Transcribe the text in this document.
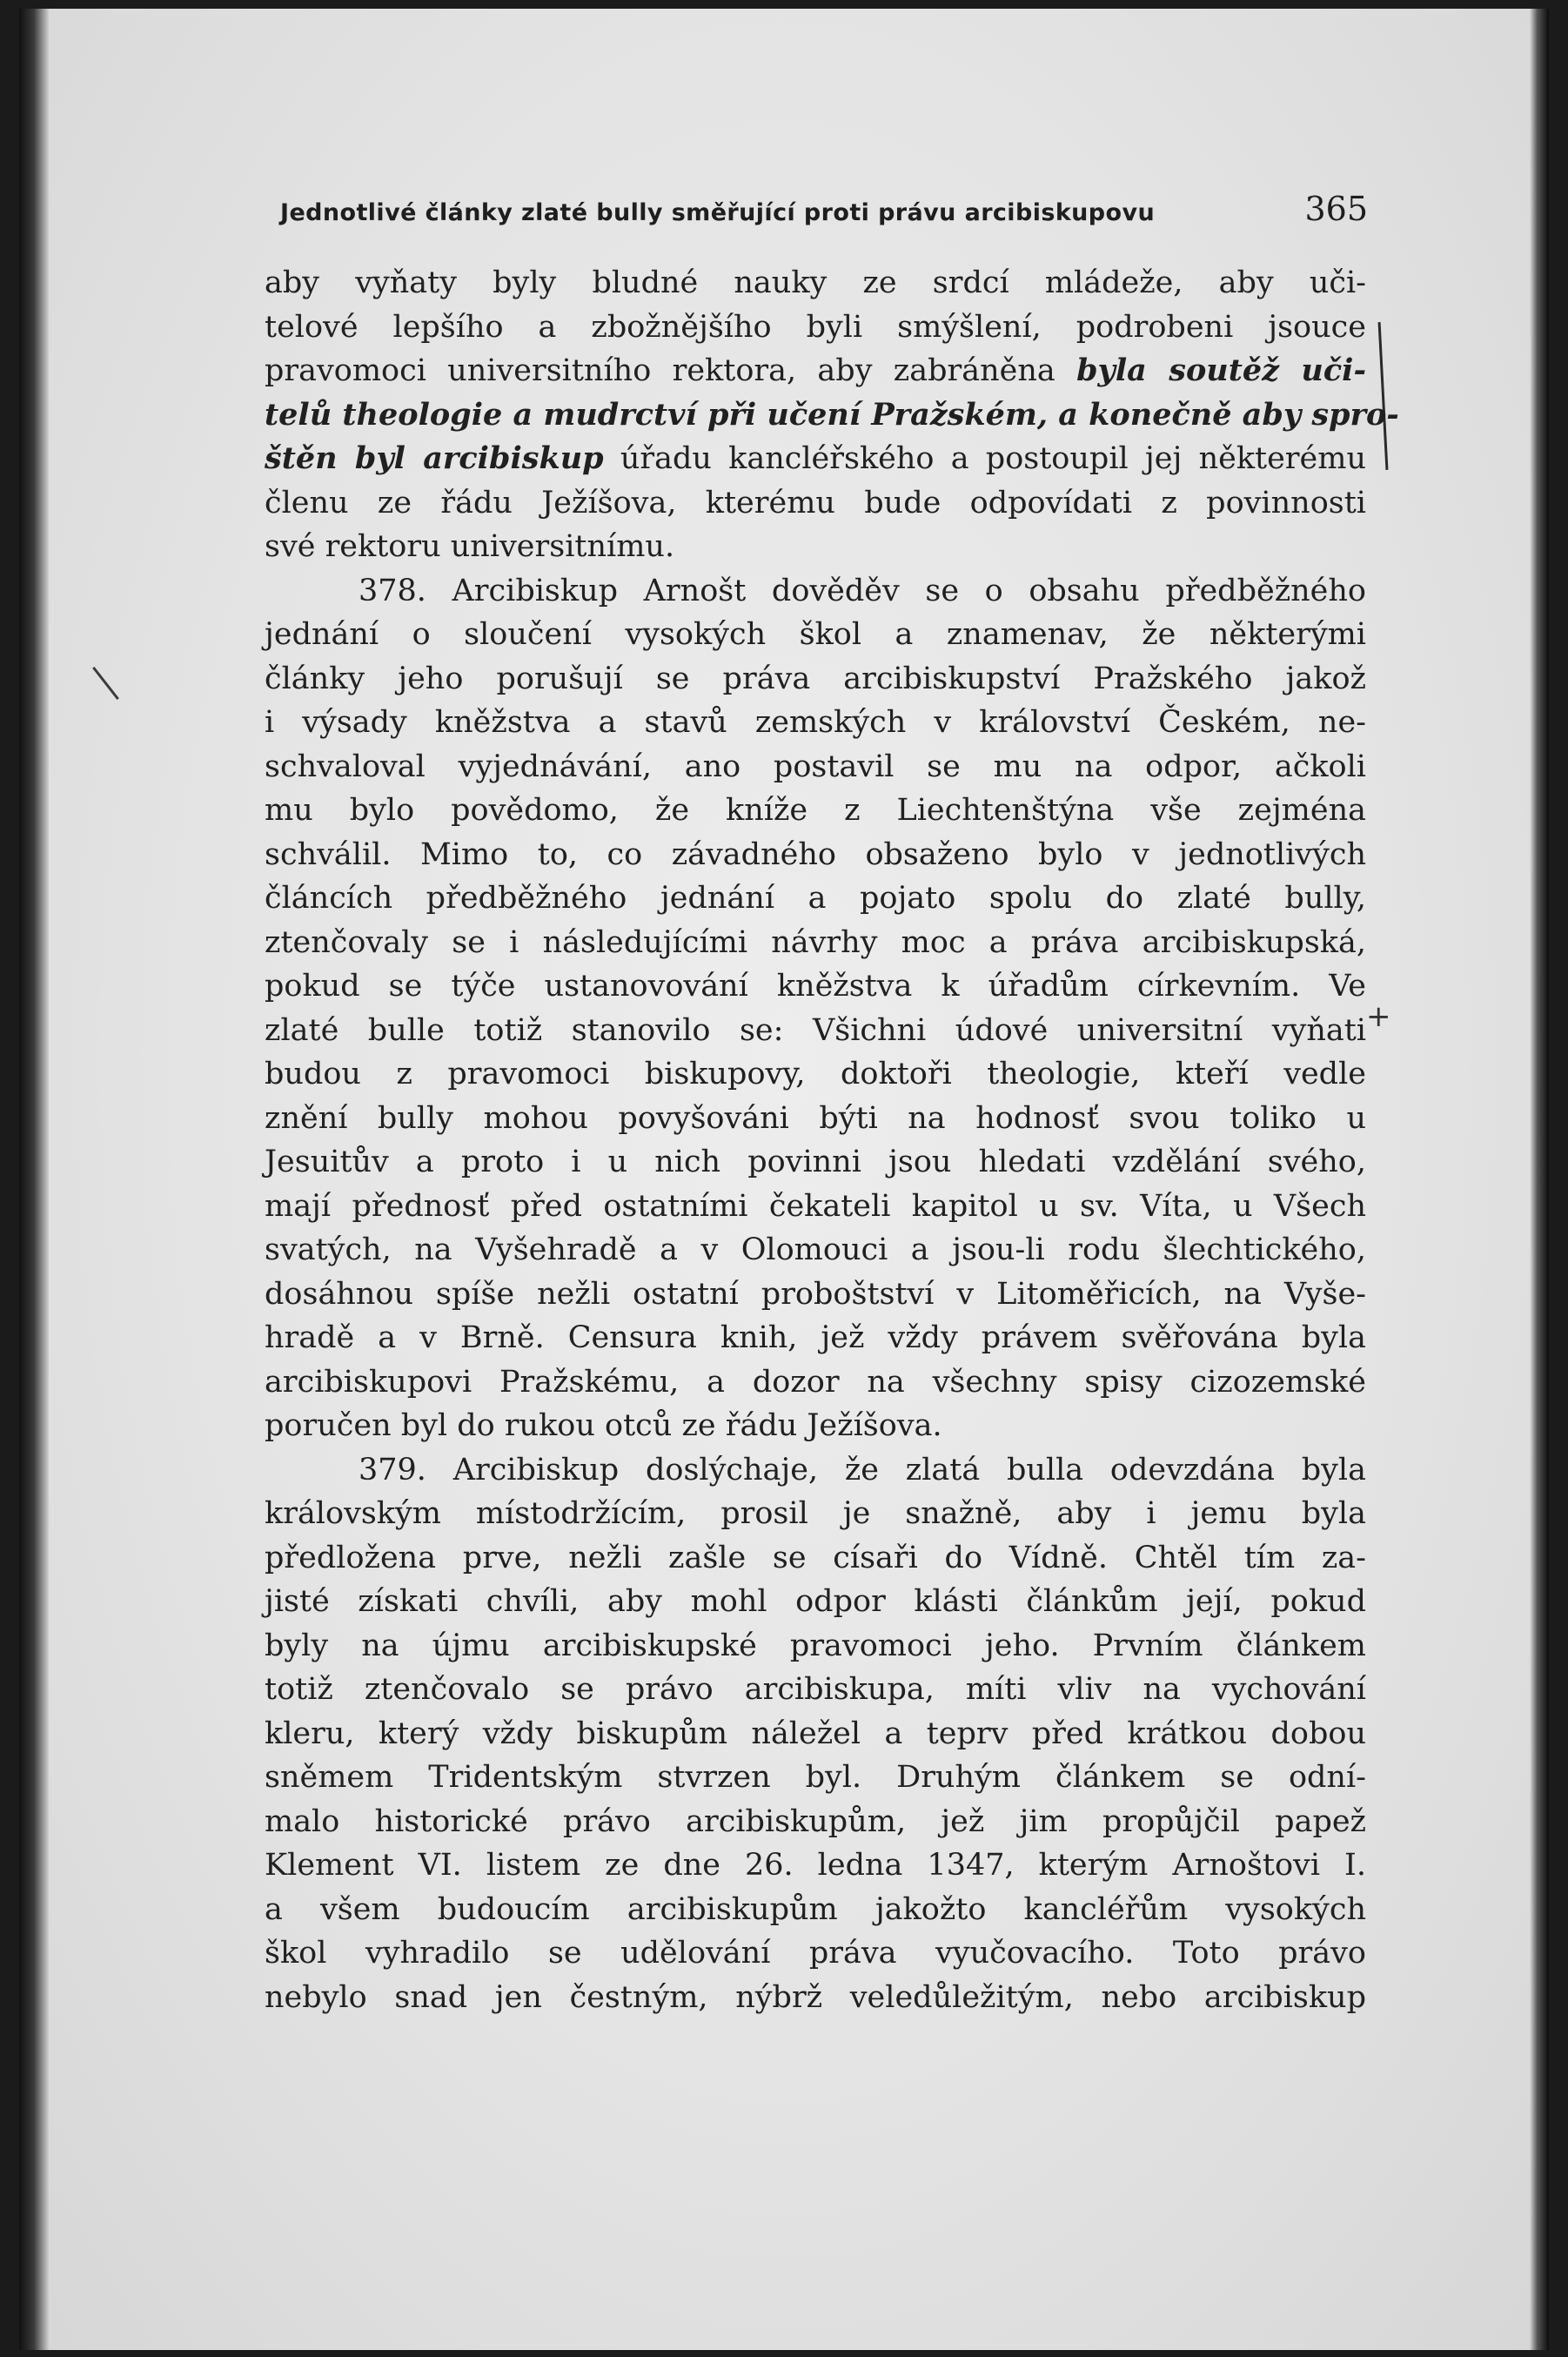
Jednotlivé články zlaté bully směřující proti právu arcibiskupovu	365
+
aby vyňaty byly bludné nauky ze srdcí mládeže, aby uči-
telové lepšího a zbožnějšího byli smýšlení, podrobeni jsouce
pravomoci universitního rektora, aby zabráněna byla soutěž uči-
telů theologie a mudrctví při učení Pražském, a konečně aby spro-
štěn byl arcibiskup úřadu kancléřského a postoupil jej některému
členu ze řádu Ježíšova, kterému bude odpovídati z povinnosti
své rektoru universitnímu.
378. Arcibiskup Arnošt dověděv se o obsahu předběžného
jednání o sloučení vysokých škol a znamenav, že některými
články jeho porušují se práva arcibiskupství Pražského jakož
i výsady kněžstva a stavů zemských v království Českém, ne-
schvaloval vyjednávání, ano postavil se mu na odpor, ačkoli
mu bylo povědomo, že kníže z Liechtenštýna vše zejména
schválil. Mimo to, co závadného obsaženo bylo v jednotlivých
článcích předběžného jednání a pojato spolu do zlaté bully,
ztenčovaly se i následujícími návrhy moc a práva arcibiskupská,
pokud se týče ustanovování kněžstva k úřadům církevním. Ve
zlaté bulle totiž stanovilo se: Všichni údové universitní vyňati
budou z pravomoci biskupovy, doktoři theologie, kteří vedle
znění bully mohou povyšováni býti na hodnosť svou toliko u
Jesuitův a proto i u nich povinni jsou hledati vzdělání svého,
mají přednosť před ostatními čekateli kapitol u sv. Víta, u Všech
svatých, na Vyšehradě a v Olomouci a jsou-li rodu šlechtického,
dosáhnou spíše nežli ostatní proboštství v Litoměřicích, na Vyše-
hradě a v Brně. Censura knih, jež vždy právem svěřována byla
arcibiskupovi Pražskému, a dozor na všechny spisy cizozemské
poručen byl do rukou otců ze řádu Ježíšova.
379. Arcibiskup doslýchaje, že zlatá bulla odevzdána byla
královským místodržícím, prosil je snažně, aby i jemu byla
předložena prve, nežli zašle se císaři do Vídně. Chtěl tím za-
jisté získati chvíli, aby mohl odpor klásti článkům její, pokud
byly na újmu arcibiskupské pravomoci jeho. Prvním článkem
totiž ztenčovalo se právo arcibiskupa, míti vliv na vychování
kleru, který vždy biskupům náležel a teprv před krátkou dobou
sněmem Tridentským stvrzen byl. Druhým článkem se odní-
malo historické právo arcibiskupům, jež jim propůjčil papež
Klement VI. listem ze dne 26. ledna 1347, kterým Arnoštovi I.
a všem budoucím arcibiskupům jakožto kancléřům vysokých
škol vyhradilo se udělování práva vyučovacího. Toto právo
nebylo snad jen čestným, nýbrž veledůležitým, nebo arcibiskup
